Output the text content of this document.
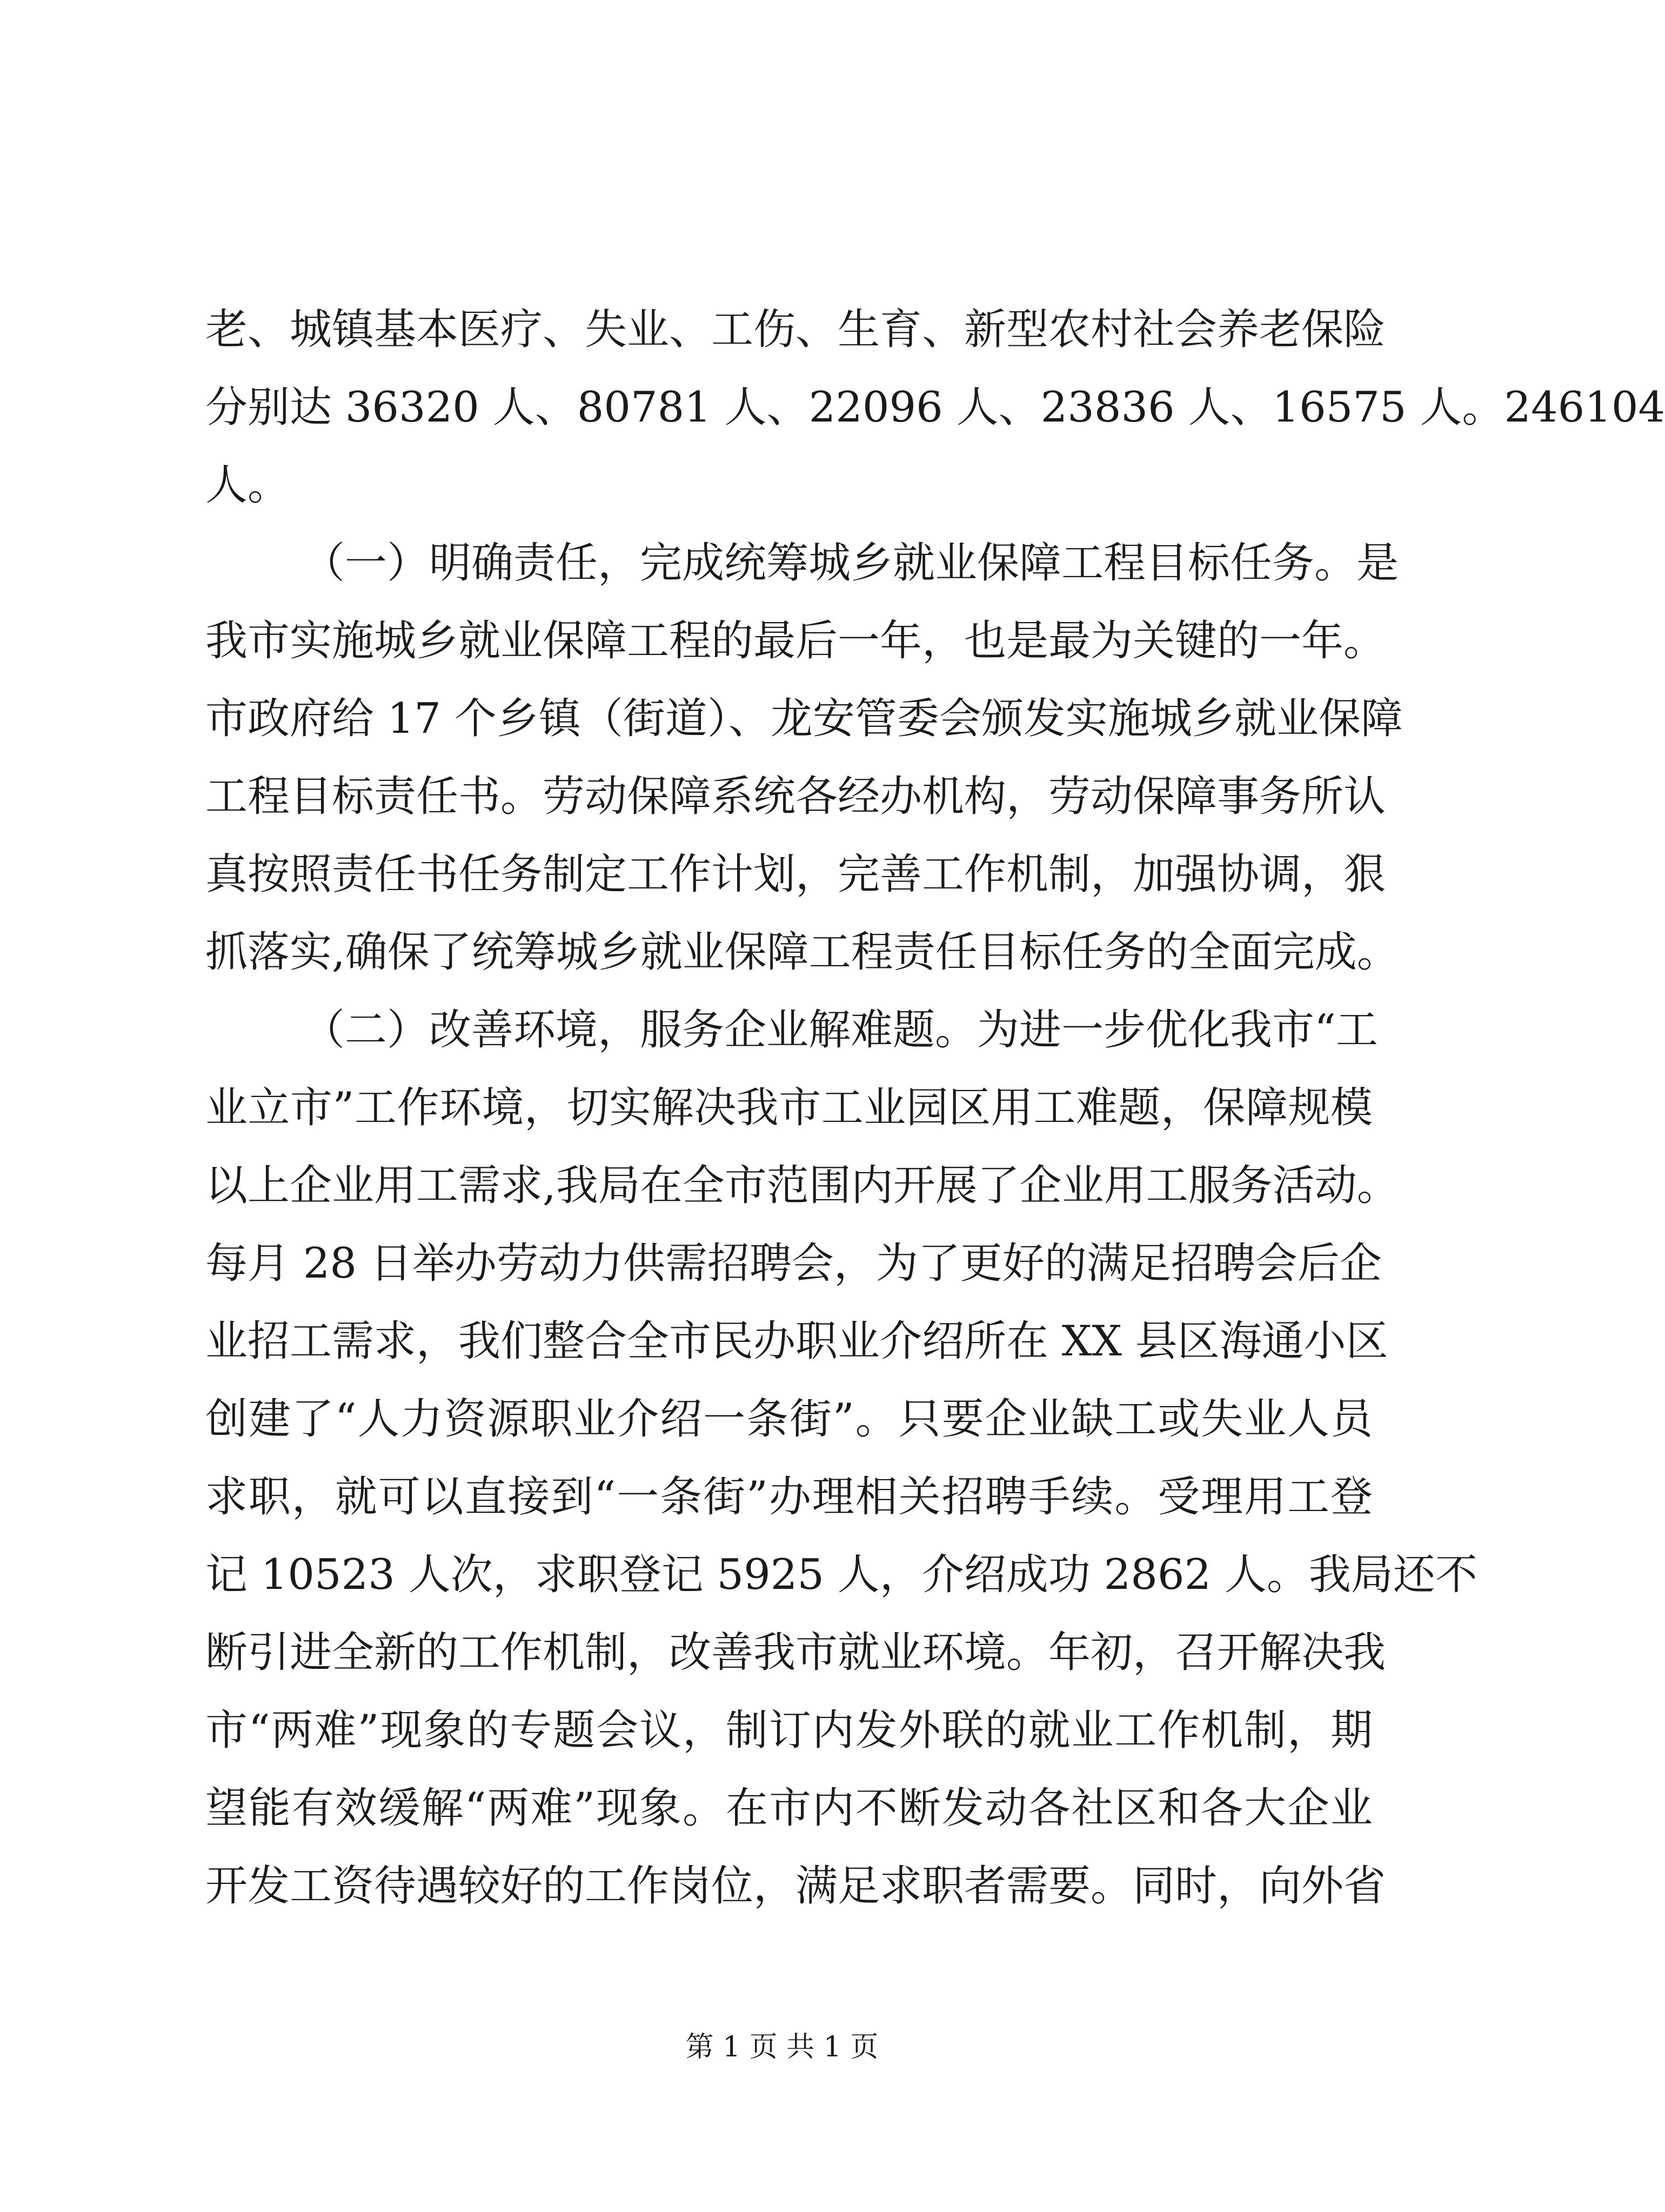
老、城镇基本医疗、失业、工伤、生育、新型农村社会养老保险
分别达 36320 人、80781 人、22096 人、23836 人、16575 人。246104
人。
（一）明确责任，完成统筹城乡就业保障工程目标任务。是
我市实施城乡就业保障工程的最后一年，也是最为关键的一年。
市政府给 17 个乡镇（街道）、龙安管委会颁发实施城乡就业保障
工程目标责任书。劳动保障系统各经办机构，劳动保障事务所认
真按照责任书任务制定工作计划，完善工作机制，加强协调，狠
抓落实,确保了统筹城乡就业保障工程责任目标任务的全面完成。
（二）改善环境，服务企业解难题。为进一步优化我市“工
业立市”工作环境，切实解决我市工业园区用工难题，保障规模
以上企业用工需求,我局在全市范围内开展了企业用工服务活动。
每月 28 日举办劳动力供需招聘会，为了更好的满足招聘会后企
业招工需求，我们整合全市民办职业介绍所在 XX 县区海通小区
创建了“人力资源职业介绍一条街”。只要企业缺工或失业人员
求职，就可以直接到“一条街”办理相关招聘手续。受理用工登
记 10523 人次，求职登记 5925 人，介绍成功 2862 人。我局还不
断引进全新的工作机制，改善我市就业环境。年初，召开解决我
市“两难”现象的专题会议，制订内发外联的就业工作机制，期
望能有效缓解“两难”现象。在市内不断发动各社区和各大企业
开发工资待遇较好的工作岗位，满足求职者需要。同时，向外省
第 1 页 共 1 页
